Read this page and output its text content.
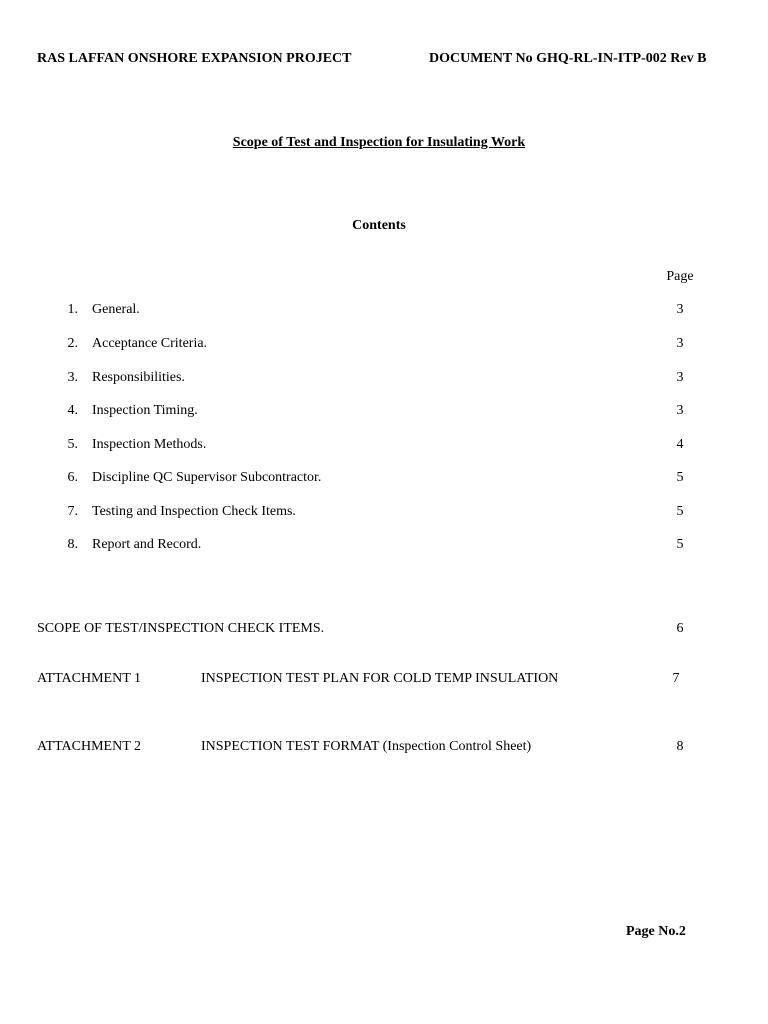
RAS LAFFAN ONSHORE EXPANSION PROJECT	DOCUMENT No GHQ-RL-IN-ITP-002 Rev B
Scope of Test and Inspection for Insulating Work
Contents
Page
1. General.	3
2. Acceptance Criteria.	3
3. Responsibilities.	3
4. Inspection Timing.	3
5. Inspection Methods.	4
6. Discipline QC Supervisor Subcontractor.	5
7. Testing and Inspection Check Items.	5
8. Report and Record.	5
SCOPE OF TEST/INSPECTION CHECK ITEMS.	6
ATTACHMENT 1	INSPECTION TEST PLAN FOR COLD TEMP INSULATION	7
ATTACHMENT 2	INSPECTION TEST FORMAT (Inspection Control Sheet)	8
Page No.2
